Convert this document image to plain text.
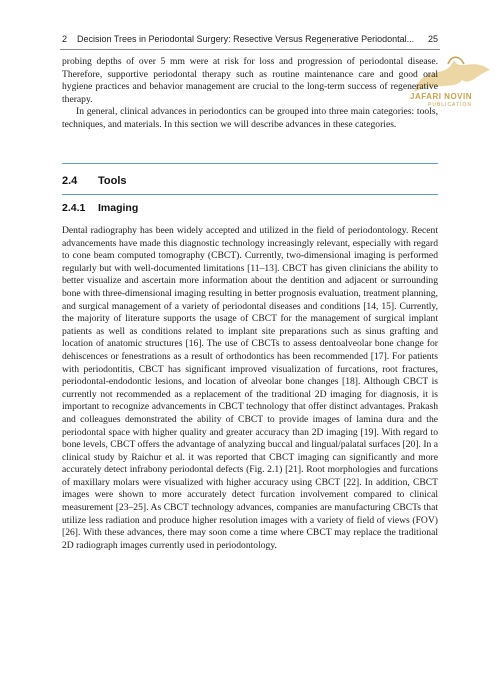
2 Decision Trees in Periodontal Surgery: Resective Versus Regenerative Periodontal... 25
JAFARI NOVIN
PUBLICATION

probing depths of over 5 mm were at risk for loss and progression of periodontal disease. Therefore, supportive periodontal therapy such as routine maintenance care and good oral hygiene practices and behavior management are crucial to the long-term success of regenerative therapy.

In general, clinical advances in periodontics can be grouped into three main categories: tools, techniques, and materials. In this section we will describe advances in these categories.

2.4 Tools
2.4.1 Imaging

Dental radiography has been widely accepted and utilized in the field of periodontology. Recent advancements have made this diagnostic technology increasingly relevant, especially with regard to cone beam computed tomography (CBCT). Currently, two-dimensional imaging is performed regularly but with well-documented limitations [11–13]. CBCT has given clinicians the ability to better visualize and ascertain more information about the dentition and adjacent or surrounding bone with three-dimensional imaging resulting in better prognosis evaluation, treatment planning, and surgical management of a variety of periodontal diseases and conditions [14, 15]. Currently, the majority of literature supports the usage of CBCT for the management of surgical implant patients as well as conditions related to implant site preparations such as sinus grafting and location of anatomic structures [16]. The use of CBCTs to assess dentoalveolar bone change for dehiscences or fenestrations as a result of orthodontics has been recommended [17]. For patients with periodontitis, CBCT has significant improved visualization of furcations, root fractures, periodontal-endodontic lesions, and location of alveolar bone changes [18]. Although CBCT is currently not recommended as a replacement of the traditional 2D imaging for diagnosis, it is important to recognize advancements in CBCT technology that offer distinct advantages. Prakash and colleagues demonstrated the ability of CBCT to provide images of lamina dura and the periodontal space with higher quality and greater accuracy than 2D imaging [19]. With regard to bone levels, CBCT offers the advantage of analyzing buccal and lingual/palatal surfaces [20]. In a clinical study by Raichur et al. it was reported that CBCT imaging can significantly and more accurately detect infrabony periodontal defects (Fig. 2.1) [21]. Root morphologies and furcations of maxillary molars were visualized with higher accuracy using CBCT [22]. In addition, CBCT images were shown to more accurately detect furcation involvement compared to clinical measurement [23–25]. As CBCT technology advances, companies are manufacturing CBCTs that utilize less radiation and produce higher resolution images with a variety of field of views (FOV) [26]. With these advances, there may soon come a time where CBCT may replace the traditional 2D radiograph images currently used in periodontology.
